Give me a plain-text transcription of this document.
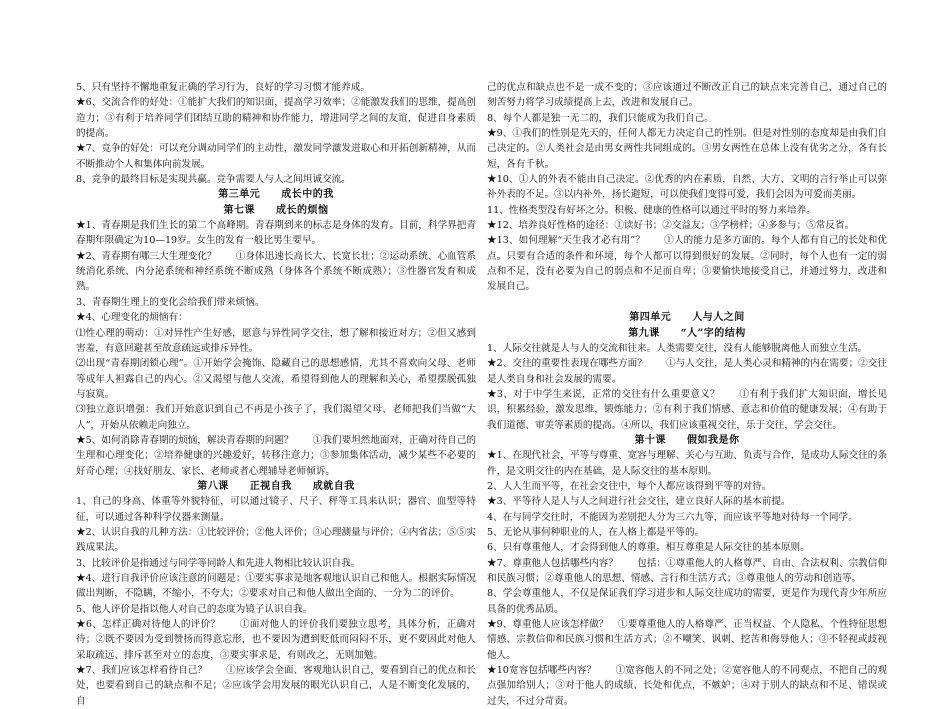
5、只有坚持不懈地重复正确的学习行为，良好的学习习惯才能养成。

★6、交流合作的好处：①能扩大我们的知识面，提高学习效率；②能激发我们的思维，提高创造力；③有利于培养同学们团结互助的精神和协作能力，增进同学之间的友谊，促进自身素质的提高。

★7、竞争的好处：可以充分调动同学们的主动性，激发同学激发进取心和开拓创新精神，从而不断推动个人和集体向前发展。

8、竞争的最终目标是实现共赢。竞争需要人与人之间坦诚交流。

第三单元　　成长中的我
第七课　　成长的烦恼

★1、青春期是我们生长的第二个高峰期。青春期到来的标志是身体的发育。目前，科学界把青春期年限确定为10—19岁。女生的发育一般比男生要早。

★2、青春期有哪三大生理变化？　　①身体迅速长高长大、长宽长壮；②运动系统、心血管系统消化系统、内分泌系统和神经系统不断成熟（身体各个系统不断成熟）；③性器官发育和成熟。

3、青春期生理上的变化会给我们带来烦恼。

★4、心理变化的烦恼有：

⑴性心理的萌动：①对异性产生好感，愿意与异性同学交往，想了解和接近对方；②但又感到害羞，有意回避甚至故意疏远或排斥异性。

⑵出现“青春期闭锁心理”。①开始学会掩饰、隐藏自己的思想感情，尤其不喜欢向父母、老师等成年人袒露自己的内心。②又渴望与他人交流，希望得到他人的理解和关心，希望摆脱孤独与寂寞。

⑶独立意识增强：我们开始意识到自己不再是小孩子了，我们渴望父母、老师把我们当做“大人”，开始从依赖走向独立。

★5、如何消除青春期的烦恼，解决青春期的问题？　　①我们要坦然地面对，正确对待自己的生理和心理变化；②培养健康的兴趣爱好，转移注意力；③参加集体活动，减少某些不必要的好奇心理；④找好朋友、家长、老师或者心理辅导老师倾诉。

第八课　　正视自我　　成就自我

1、自己的身高、体重等外貌特征，可以通过镜子、尺子、秤等工具来认识；器官、血型等特征，可以通过各种科学仪器来测量。

★2、认识自我的几种方法：①比较评价；②他人评价；③心理测量与评价；④内省法；⑤⑤实践成果法。

3、比较评价是指通过与同学等同龄人和先进人物相比较认识自我。

★4、进行自我评价应该注意的问题是：①要实事求是地客观地认识自己和他人。根据实际情况做出判断，不隐瞒，不缩小，不夸大；②要求对自己和他人做出全面的、一分为二的评价。

5、他人评价是指以他人对自己的态度为镜子认识自我。

★6、怎样正确对待他人的评价？　　①面对他人的评价我们要独立思考，具体分析，正确对待；②既不要因为受到赞扬而得意忘形，也不要因为遭到贬低而闷闷不乐，更不要因此对他人采取疏远、排斥甚至对立的态度，③要实事求是，有则改之，无则加勉。

★7、我们应该怎样看待自己？　　①应该学会全面、客观地认识自己，要看到自己的优点和长处，也要看到自己的缺点和不足；②应该学会用发展的眼光认识自己，人是不断变化发展的，自

己的优点和缺点也不是一成不变的；③应该通过不断改正自己的缺点来完善自己，通过自己的刻苦努力将学习成绩提高上去，改进和发展自己。

8、每个人都是独一无二的，我们只能成为我们自己。

★9、①我们的性别是先天的，任何人都无力决定自己的性别。但是对性别的态度却是由我们自己决定的。②人类社会是由男女两性共同组成的。③男女两性在总体上没有优劣之分，各有长短，各有千秋。

★10、①人的外表不能由自己决定。②优秀的内在素质，自然、大方、文明的言行举止可以弥补外表的不足。③以内补外，扬长避短，可以使我们变得可爱，我们会因为可爱而美丽。

11、性格类型没有好坏之分。积极、健康的性格可以通过平时的努力来培养。

★12、培养良好性格的途径：①读好书；②交益友；③学榜样；④多参与；⑤常反省。

★13、如何理解“天生我才必有用”？　　①人的能力是多方面的。每个人都有自己的长处和优点。只要有合适的条件和环境，每个人都可以得到很好的发展。②同时，每个人也有一定的弱点和不足，没有必要为自己的弱点和不足而自卑；③要愉快地接受自己，并通过努力，改进和发展自己。

第四单元　　人与人之间
第九课　　“人”字的结构

1、人际交往就是人与人的交流和往来。人类需要交往，没有人能够脱离他人而独立生活。

★2、交往的重要性表现在哪些方面？　　①与人交往，是人类心灵和精神的内在需要；②交往是人类自身和社会发展的需要。

★3、对于中学生来说，正常的交往有什么重要意义？　　①有利于我们扩大知识面，增长见识，积累经验，激发思维，锻炼能力；②有利于我们情感、意志和价值的健康发展；④有助于我们道德、审美等素质的提高。④所以，我们应该重视交往，乐于交往，学会交往。

第十课　　假如我是你

★1、在现代社会，平等与尊重、宽容与理解、关心与互助、负责与合作，是成功人际交往的条件，是文明交往的内在基础，是人际交往的基本原则。

2、人人生而平等，在社会交往中，每个人都应该得到平等的对待。

★3、平等待人是人与人之间进行社会交往，建立良好人际的基本前提。

4、在与同学交往时，不能因为差别把人分为三六九等，而应该平等地对待每一个同学。

5、无论从事何种职业的人，在人格上都是平等的。

6、只有尊重他人，才会得到他人的尊重。相互尊重是人际交往的基本原则。

★7、尊重他人包括哪些内容？　　包括：①尊重他人的人格尊严、自由、合法权利、宗教信仰和民族习惯；②尊重他人的思想、情感、言行和生活方式；③尊重他人的劳动和创造等。

8、学会尊重他人，不仅是保证我们学习进步和人际交往成功的需要，更是作为现代青少年所应具备的优秀品质。

★9、尊重他人应该怎样做？　①要尊重他人的人格尊严、正当权益、个人隐私、个性特征思想情感、宗教信仰和民族习惯和生活方式；②不嘲笑、讽刺、挖苦和侮辱他人；③不轻视或歧视他人。

★10宽容包括哪些内容？　　①宽容他人的不同之处；②宽容他人的不同观点，不把自己的观点强加给别人；③对于他人的成绩、长处和优点，不嫉妒；④对于别人的缺点和不足、错误或过失，不过分苛责。
